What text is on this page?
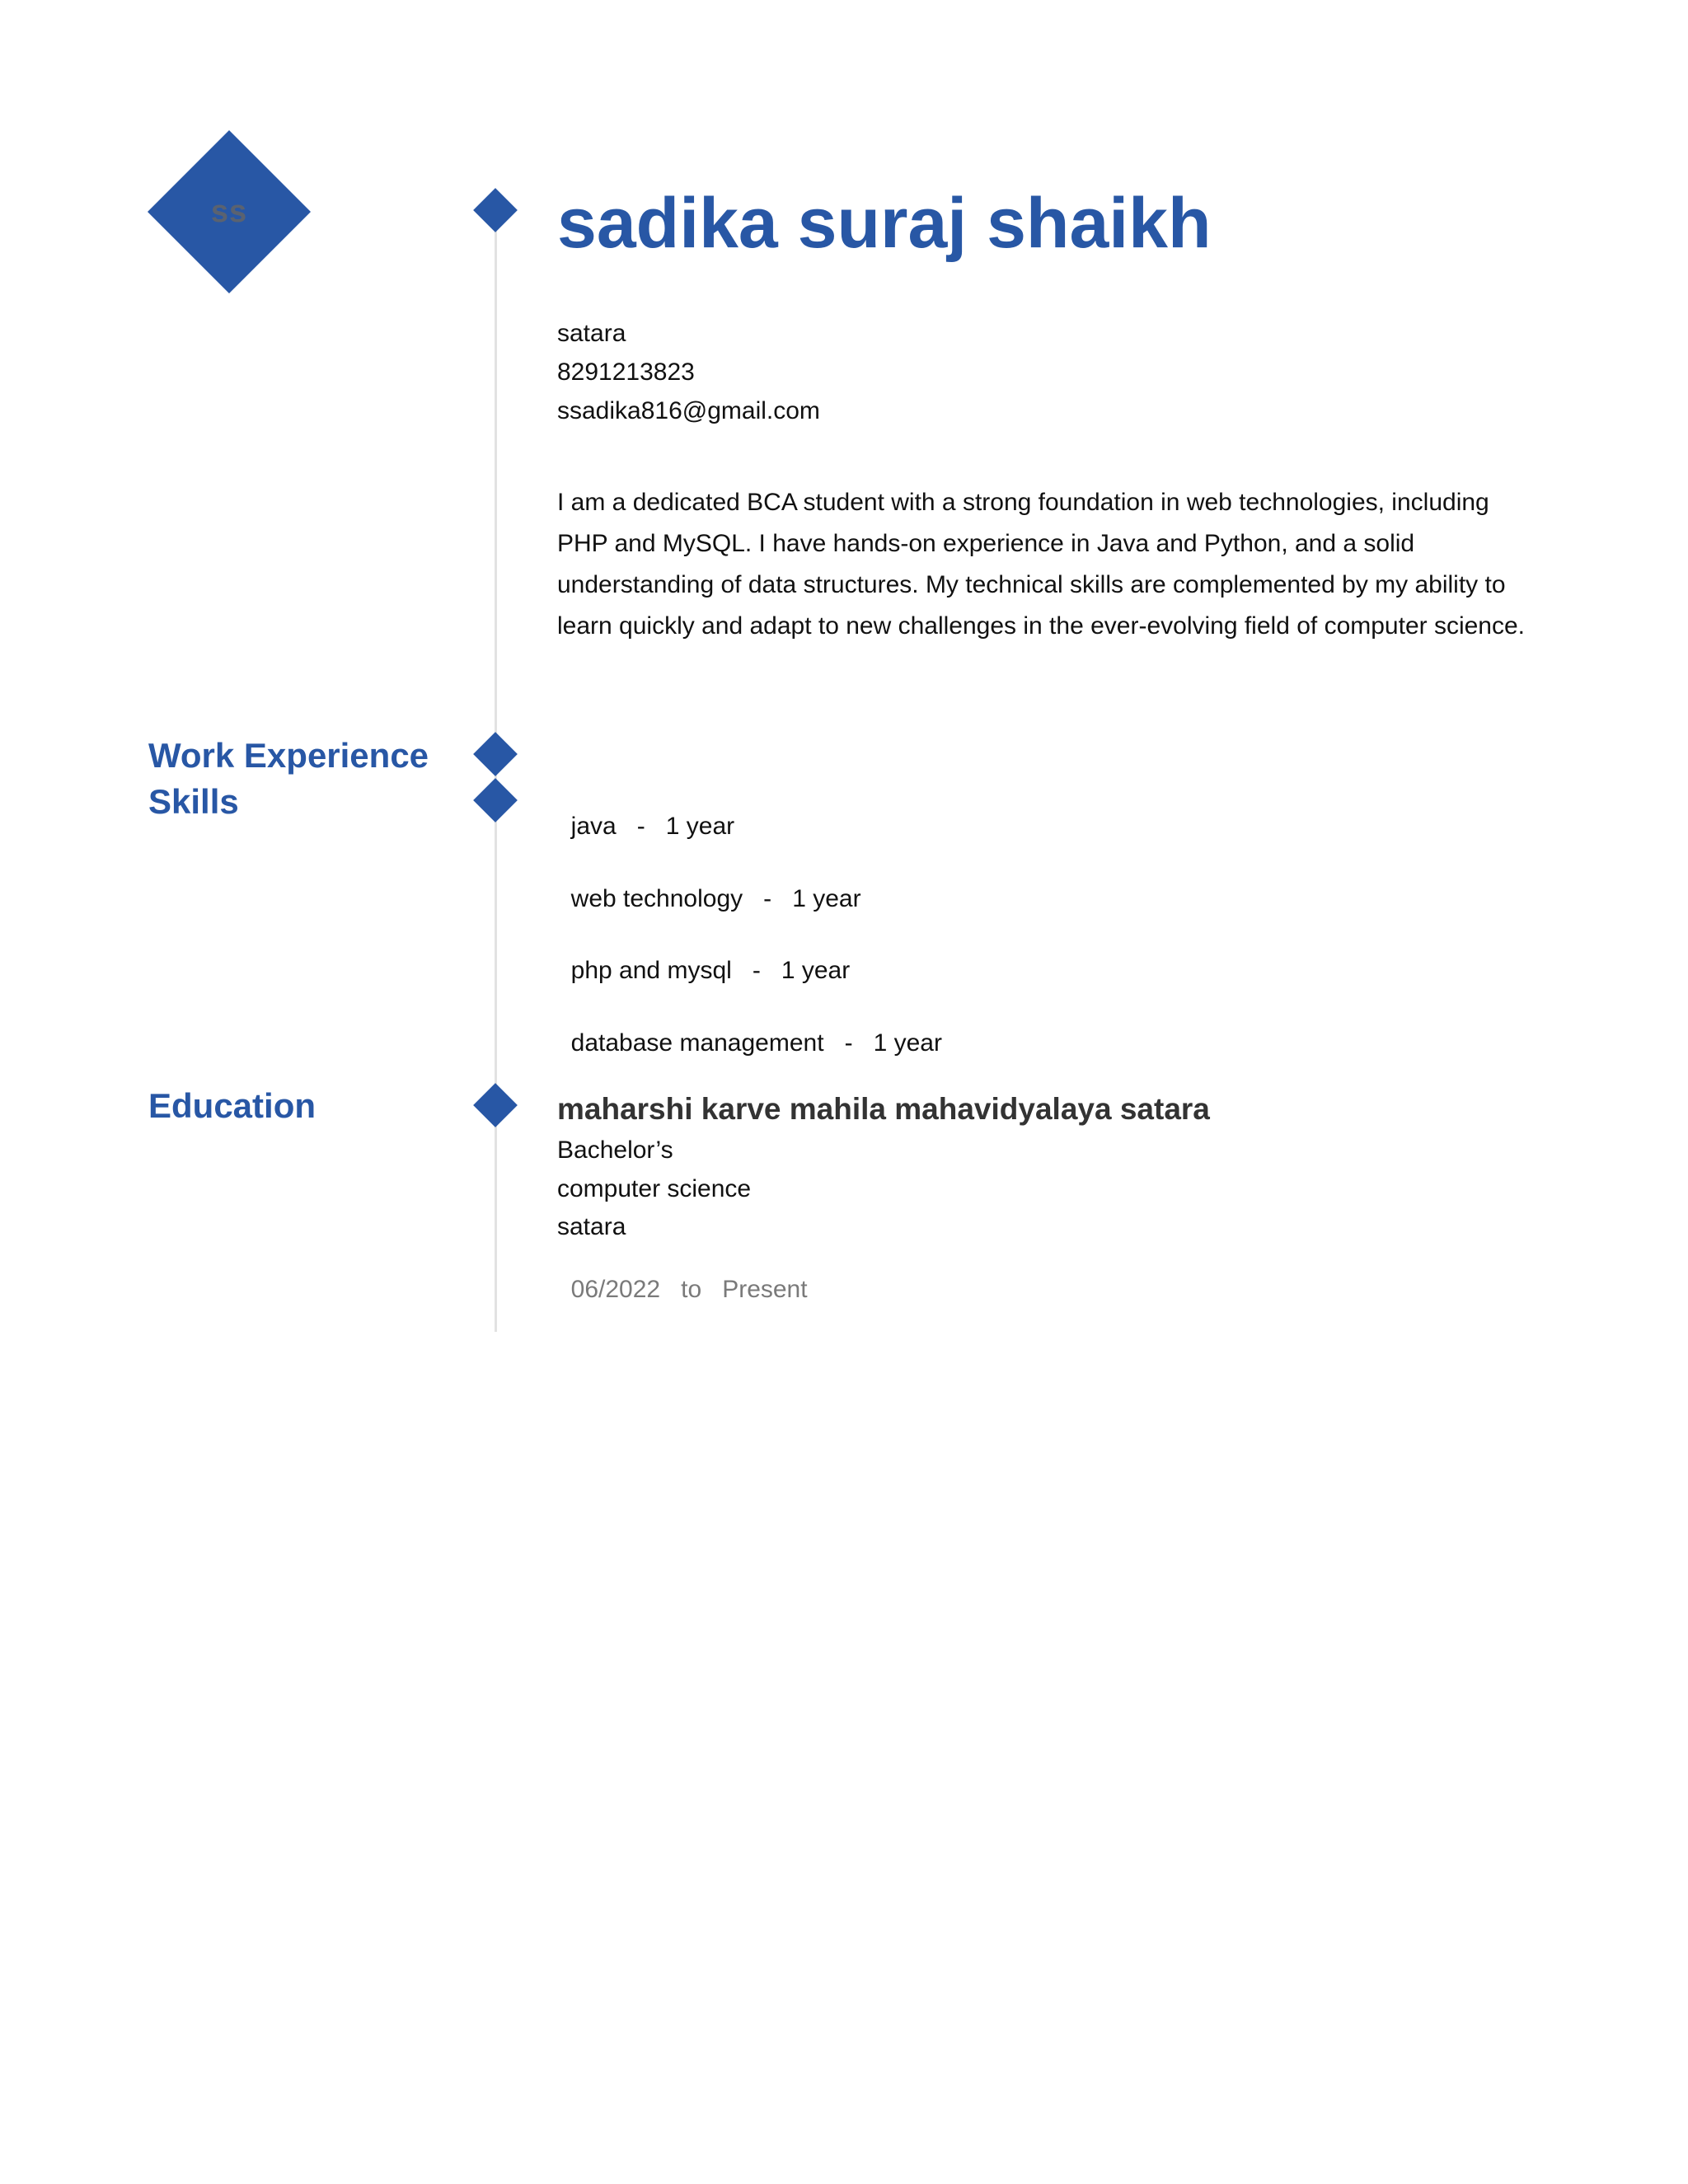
ss	sadika suraj shaikh
satara
8291213823
ssadika816@gmail.com
I am a dedicated BCA student with a strong foundation in web technologies, including PHP and MySQL. I have hands-on experience in Java and Python, and a solid understanding of data structures. My technical skills are complemented by my ability to learn quickly and adapt to new challenges in the ever-evolving field of computer science.
Work Experience
Skills
Education

java - 1 year

web technology - 1 year

php and mysql - 1 year

database management - 1 year

maharshi karve mahila mahavidyalaya satara
Bachelor’s
computer science
satara

06/2022 to Present
